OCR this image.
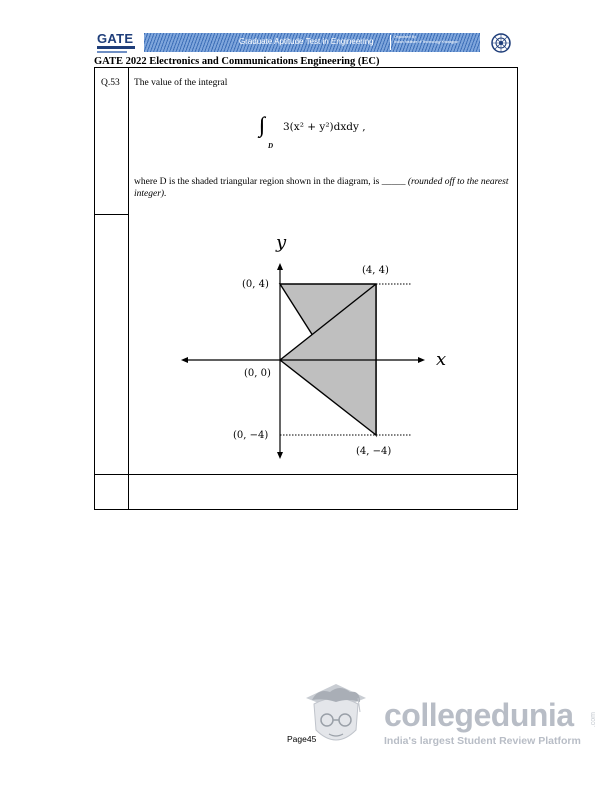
GATE	Graduate Aptitude Test in Engineering	Organised By
Indian Institute of Technology Kharagpur
GATE 2022 Electronics and Communications Engineering (EC)
Q.53 The value of the integral
∫∫
D
3(x² + y²)dxdy ,
where D is the shaded triangular region shown in the diagram, is _____ (rounded off to the nearest integer).
y
x
(0, 4)
(4, 4)
(0, 0)
(0, −4)
(4, −4)
Page45
collegedunia .com
India's largest Student Review Platform
